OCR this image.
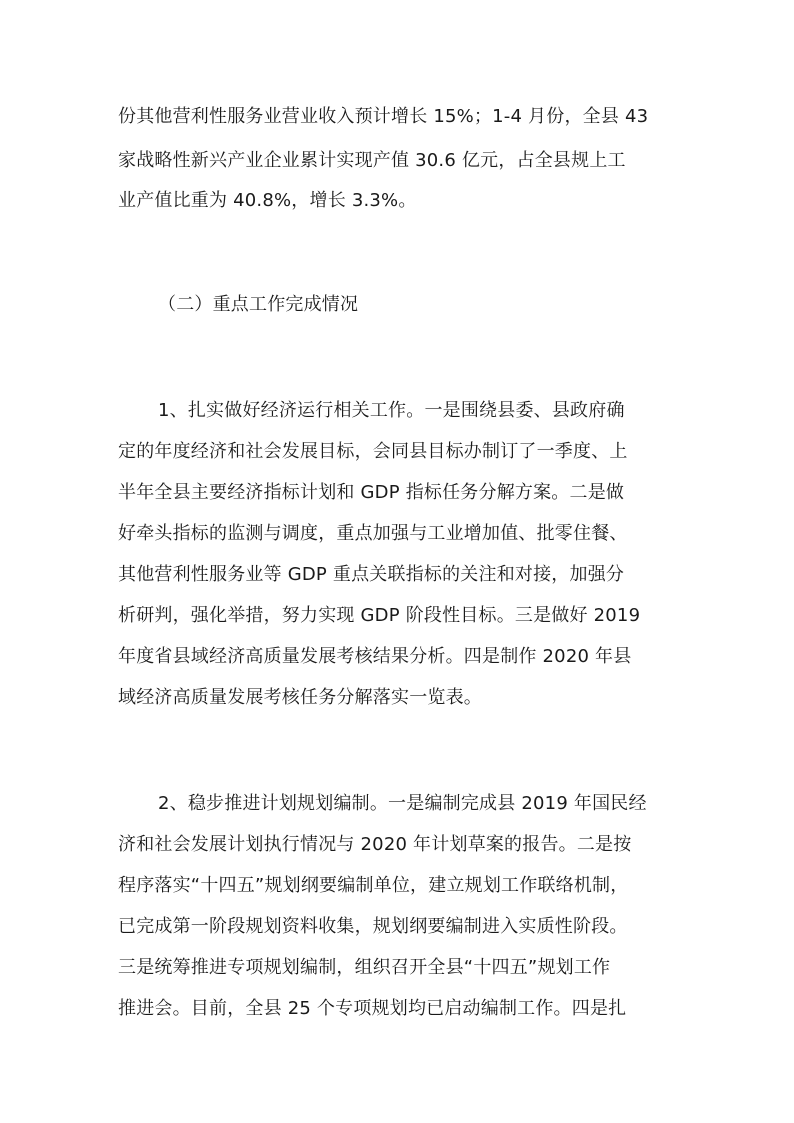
份其他营利性服务业营业收入预计增长 15%；1-4 月份，全县 43
家战略性新兴产业企业累计实现产值 30.6 亿元，占全县规上工
业产值比重为 40.8%，增长 3.3%。
（二）重点工作完成情况
1、扎实做好经济运行相关工作。一是围绕县委、县政府确
定的年度经济和社会发展目标，会同县目标办制订了一季度、上
半年全县主要经济指标计划和 GDP 指标任务分解方案。二是做
好牵头指标的监测与调度，重点加强与工业增加值、批零住餐、
其他营利性服务业等 GDP 重点关联指标的关注和对接，加强分
析研判，强化举措，努力实现 GDP 阶段性目标。三是做好 2019
年度省县域经济高质量发展考核结果分析。四是制作 2020 年县
域经济高质量发展考核任务分解落实一览表。
2、稳步推进计划规划编制。一是编制完成县 2019 年国民经
济和社会发展计划执行情况与 2020 年计划草案的报告。二是按
程序落实“十四五”规划纲要编制单位，建立规划工作联络机制，
已完成第一阶段规划资料收集，规划纲要编制进入实质性阶段。
三是统筹推进专项规划编制，组织召开全县“十四五”规划工作
推进会。目前，全县 25 个专项规划均已启动编制工作。四是扎
